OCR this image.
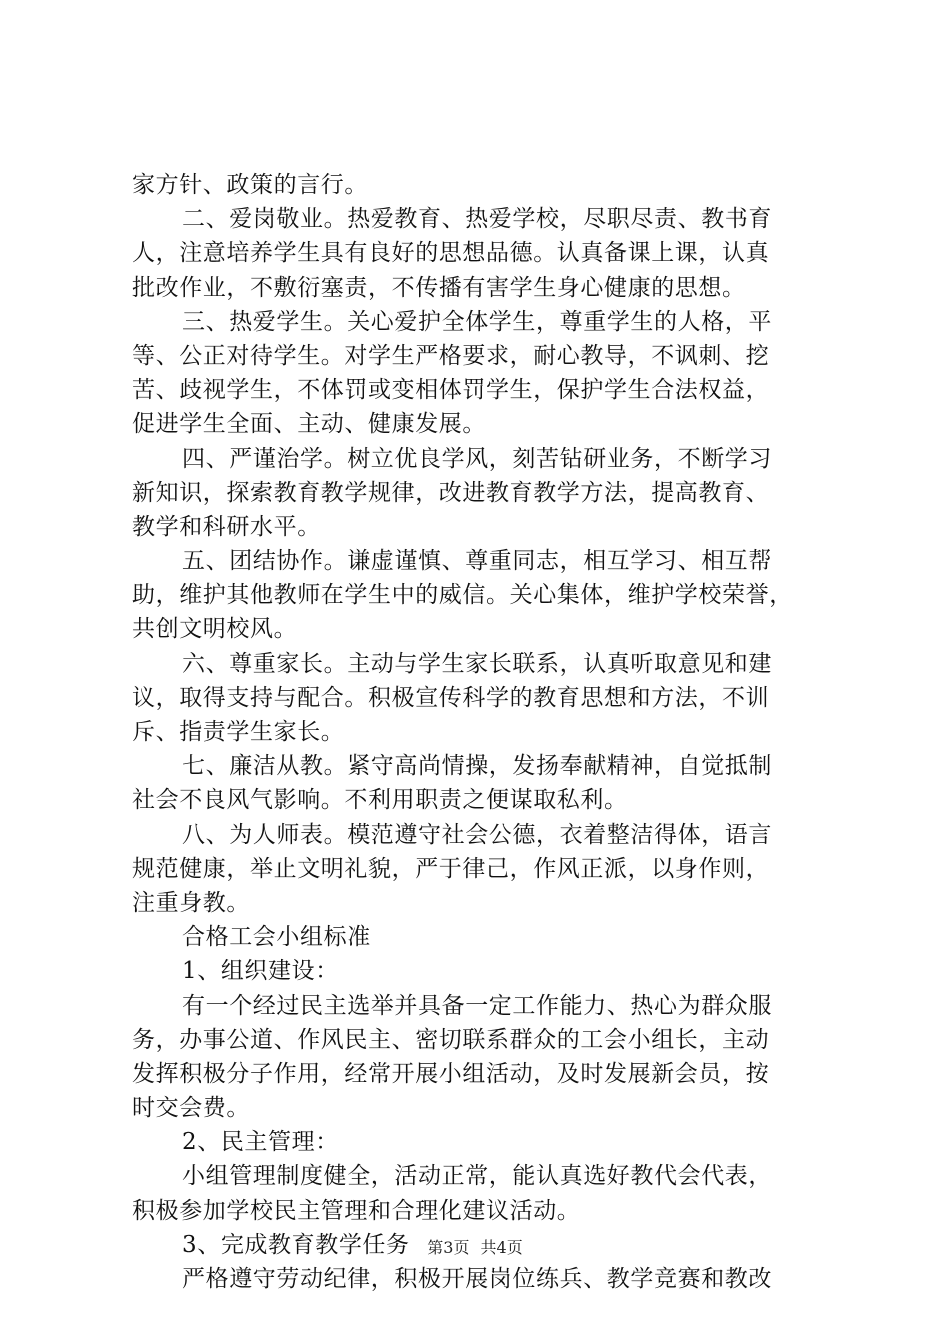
家方针、政策的言行。
二、爱岗敬业。热爱教育、热爱学校，尽职尽责、教书育
人，注意培养学生具有良好的思想品德。认真备课上课，认真
批改作业，不敷衍塞责，不传播有害学生身心健康的思想。
三、热爱学生。关心爱护全体学生，尊重学生的人格，平
等、公正对待学生。对学生严格要求，耐心教导，不讽刺、挖
苦、歧视学生，不体罚或变相体罚学生，保护学生合法权益，
促进学生全面、主动、健康发展。
四、严谨治学。树立优良学风，刻苦钻研业务，不断学习
新知识，探索教育教学规律，改进教育教学方法，提高教育、
教学和科研水平。
五、团结协作。谦虚谨慎、尊重同志，相互学习、相互帮
助，维护其他教师在学生中的威信。关心集体，维护学校荣誉，
共创文明校风。
六、尊重家长。主动与学生家长联系，认真听取意见和建
议，取得支持与配合。积极宣传科学的教育思想和方法，不训
斥、指责学生家长。
七、廉洁从教。紧守高尚情操，发扬奉献精神，自觉抵制
社会不良风气影响。不利用职责之便谋取私利。
八、为人师表。模范遵守社会公德，衣着整洁得体，语言
规范健康，举止文明礼貌，严于律己，作风正派，以身作则，
注重身教。
合格工会小组标准
1、组织建设：
有一个经过民主选举并具备一定工作能力、热心为群众服
务，办事公道、作风民主、密切联系群众的工会小组长，主动
发挥积极分子作用，经常开展小组活动，及时发展新会员，按
时交会费。
2、民主管理：
小组管理制度健全，活动正常，能认真选好教代会代表，
积极参加学校民主管理和合理化建议活动。
3、完成教育教学任务
严格遵守劳动纪律，积极开展岗位练兵、教学竞赛和教改
第3页 共4页
